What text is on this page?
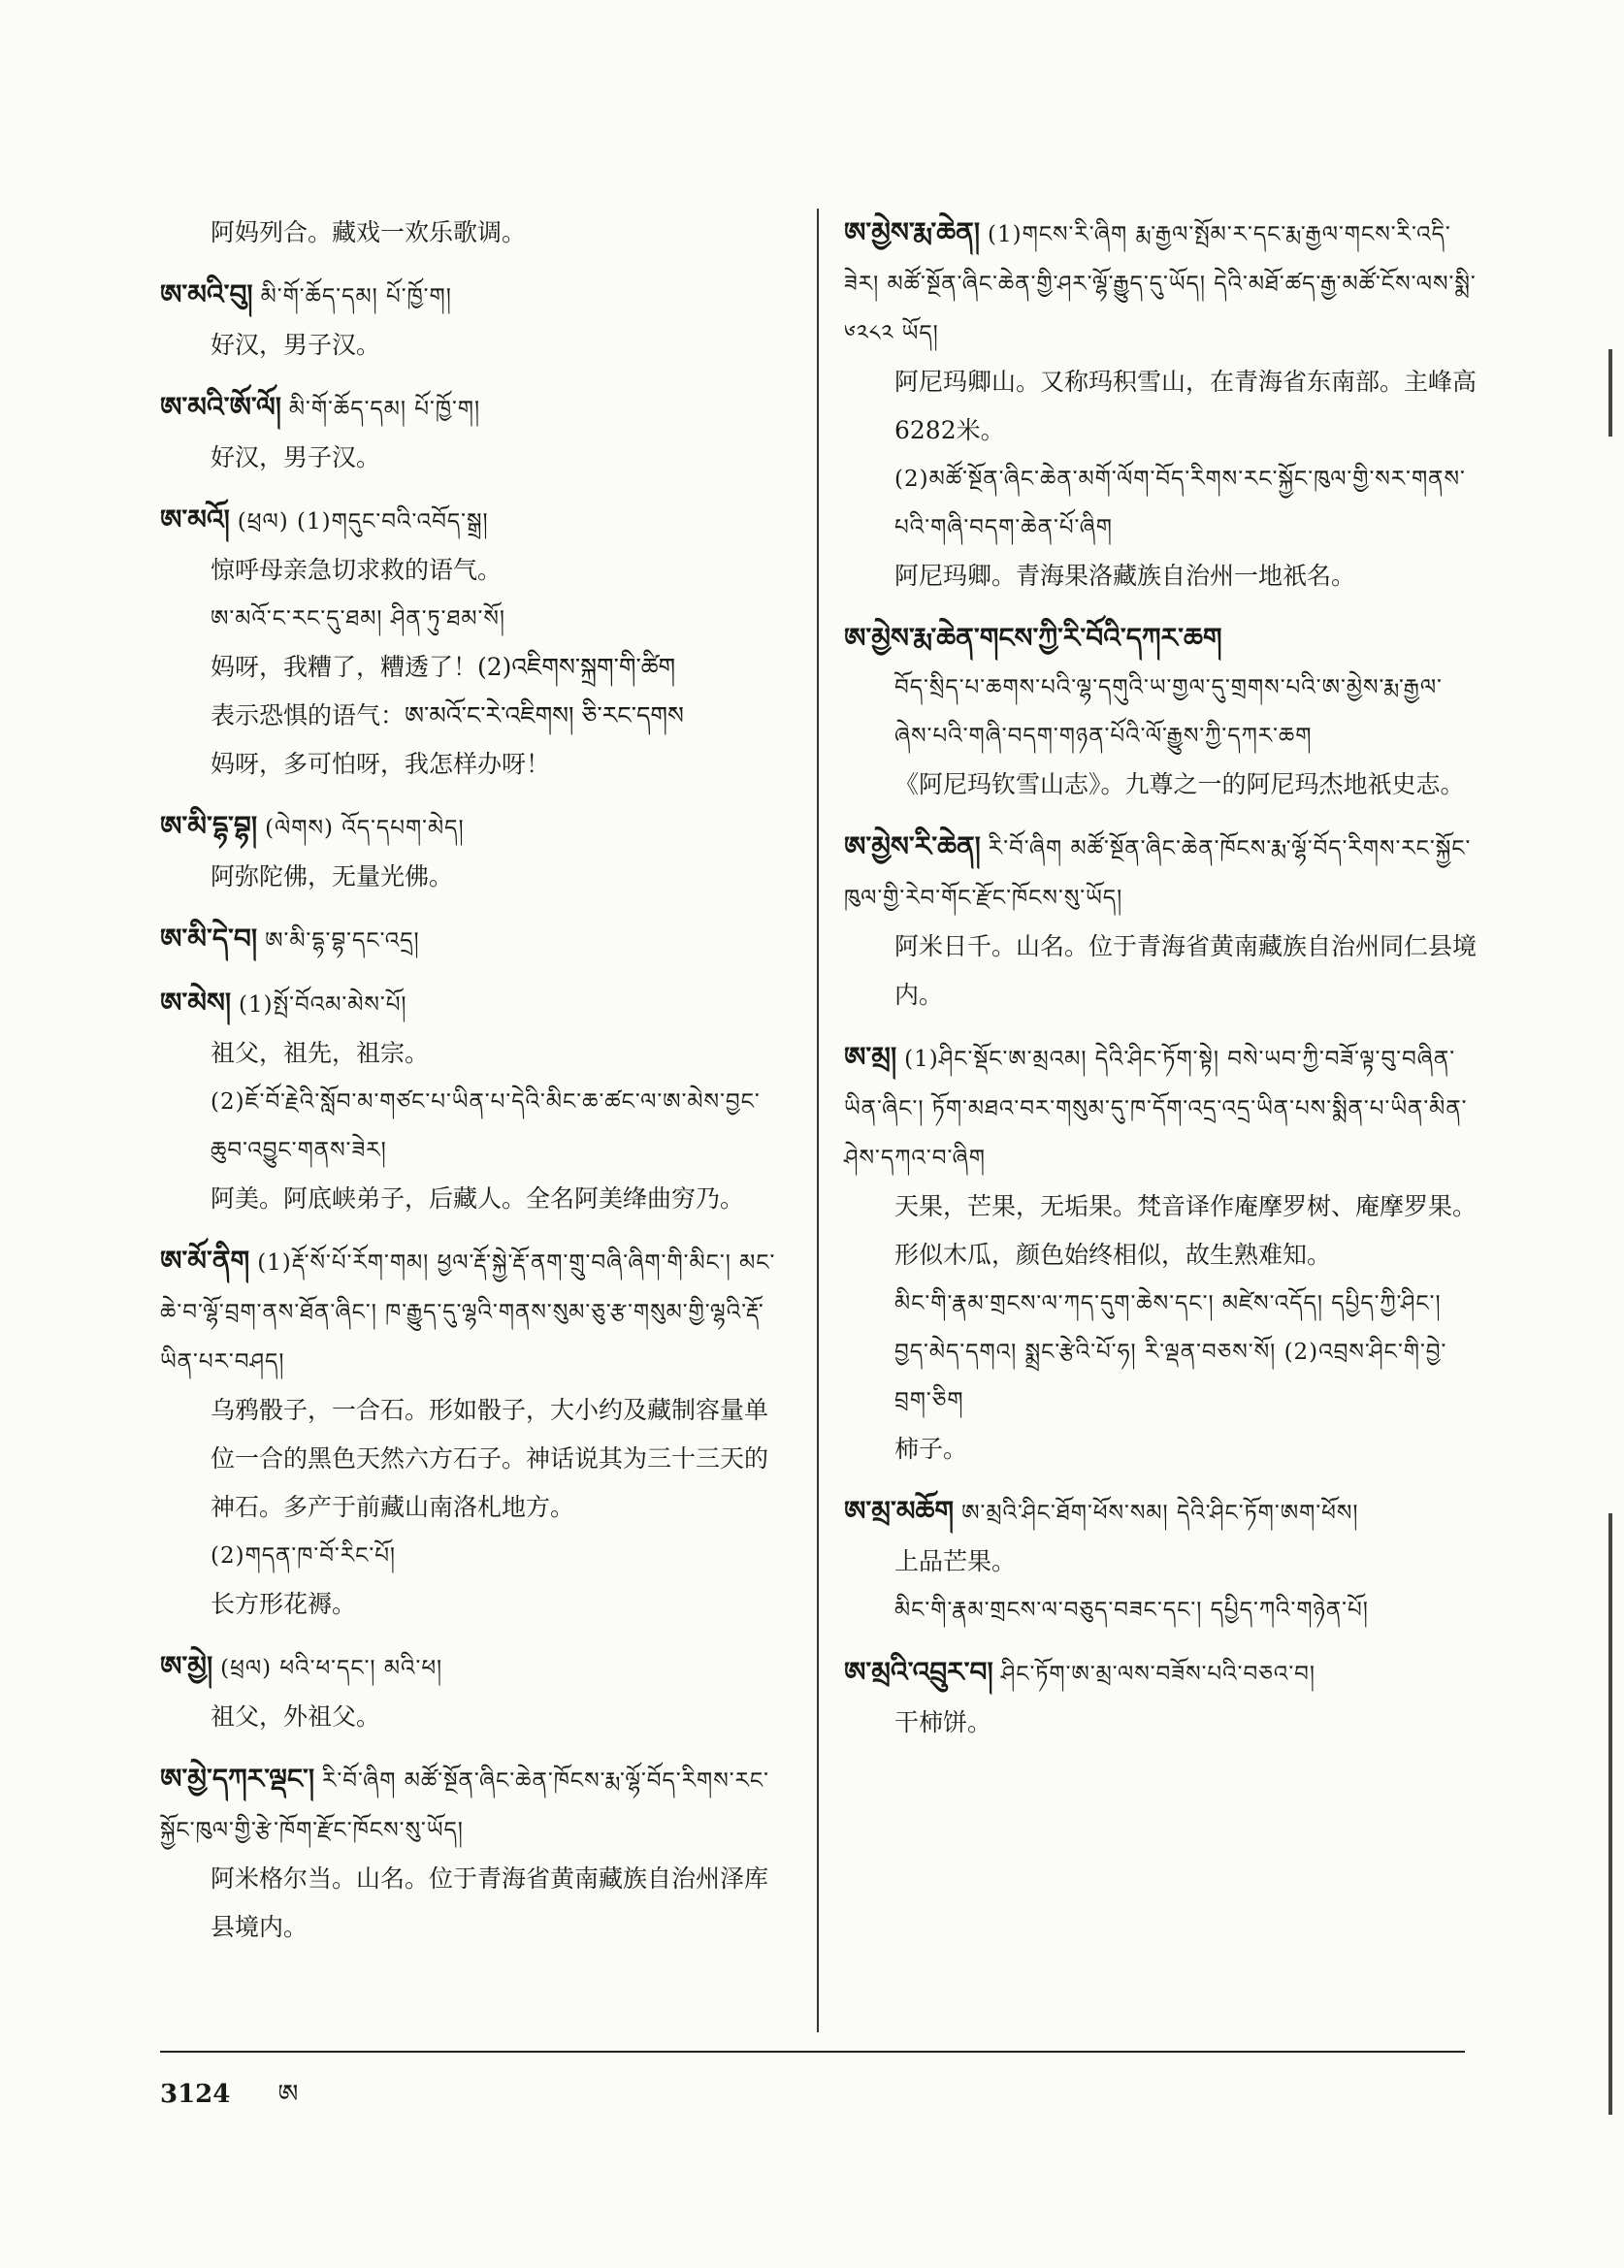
阿妈列合。藏戏一欢乐歌调。
ཨ་མའི་བུ། མི་གོ་ཆོད་དམ། པོ་ཁྱོ་ག།
好汉，男子汉。
ཨ་མའི་ཨོ་ལོ། མི་གོ་ཆོད་དམ། པོ་ཁྱོ་ག།
好汉，男子汉。
ཨ་མའོ། (ཕྲལ) (1)གདུང་བའི་འབོད་སྒྲ།
惊呼母亲急切求救的语气。
ཨ་མའོ་ང་རང་དུ་ཐམ། ཤིན་ཏུ་ཐམ་སོ།
妈呀，我糟了，糟透了！(2)འཇིགས་སྐྲག་གི་ཚིག
表示恐惧的语气：ཨ་མའོ་ང་རེ་འཇིགས། ཅི་རང་དགས
妈呀，多可怕呀，我怎样办呀！
ཨ་མི་དྷ་བྷ། (ལེགས) འོད་དཔག་མེད།
阿弥陀佛，无量光佛。
ཨ་མི་དེ་བ། ཨ་མི་དྷ་བྷ་དང་འདྲ།
ཨ་མེས། (1)སྤོ་བོའམ་མེས་པོ།
祖父，祖先，祖宗。
(2)ཇོ་བོ་རྗེའི་སློབ་མ་གཙང་པ་ཡིན་པ་དེའི་མིང་ཆ་ཚང་ལ་ཨ་མེས་བྱང་ཆུབ་འབྱུང་གནས་ཟེར།
阿美。阿底峡弟子，后藏人。全名阿美绛曲穷乃。
ཨ་མོ་ནིག (1)རྡོ་སོ་པོ་རོག་གམ། ཕྱལ་རྡོ་སྐྱེ་རྡོ་ནག་གྲུ་བཞི་ཞིག་གི་མིང་། མང་ཆེ་བ་ལྷོ་བྲག་ནས་ཐོན་ཞིང་། ཁ་རྒྱུད་དུ་ལྷའི་གནས་སུམ་ཅུ་རྩ་གསུམ་གྱི་ལྷའི་རྡོ་ཡིན་པར་བཤད།
乌鸦骰子，一合石。形如骰子，大小约及藏制容量单位一合的黑色天然六方石子。神话说其为三十三天的神石。多产于前藏山南洛札地方。
(2)གདན་ཁ་བོ་རིང་པོ།
长方形花褥。
ཨ་མྱེ། (ཕྲལ) ཕའི་ཕ་དང་། མའི་ཕ།
祖父，外祖父。
ཨ་མྱེ་དཀར་ལྡང་། རི་བོ་ཞིག མཚོ་སྔོན་ཞིང་ཆེན་ཁོངས་རྨ་ལྷོ་བོད་རིགས་རང་སྐྱོང་ཁུལ་གྱི་རྩེ་ཁོག་རྫོང་ཁོངས་སུ་ཡོད།
阿米格尔当。山名。位于青海省黄南藏族自治州泽库县境内。
ཨ་མྱེས་རྨ་ཆེན། (1)གངས་རི་ཞིག རྨ་རྒྱལ་སྤོམ་ར་དང་རྨ་རྒྱལ་གངས་རི་འདི་ཟེར། མཚོ་སྔོན་ཞིང་ཆེན་གྱི་ཤར་ལྷོ་རྒྱུད་དུ་ཡོད། དེའི་མཐོ་ཚད་རྒྱ་མཚོ་ངོས་ལས་སྨི་ ༦༢༨༢ ཡོད།
阿尼玛卿山。又称玛积雪山，在青海省东南部。主峰高6282米。
(2)མཚོ་སྔོན་ཞིང་ཆེན་མགོ་ལོག་བོད་རིགས་རང་སྐྱོང་ཁུལ་གྱི་སར་གནས་པའི་གཞི་བདག་ཆེན་པོ་ཞིག
阿尼玛卿。青海果洛藏族自治州一地祇名。
ཨ་མྱེས་རྨ་ཆེན་གངས་ཀྱི་རི་བོའི་དཀར་ཆག
བོད་སྲིད་པ་ཆགས་པའི་ལྷ་དགུའི་ཡ་གྱལ་དུ་གྲགས་པའི་ཨ་མྱེས་རྨ་རྒྱལ་ཞེས་པའི་གཞི་བདག་གཉན་པོའི་ལོ་རྒྱུས་ཀྱི་དཀར་ཆག
《阿尼玛钦雪山志》。九尊之一的阿尼玛杰地祇史志。
ཨ་མྱེས་རི་ཆེན། རི་བོ་ཞིག མཚོ་སྔོན་ཞིང་ཆེན་ཁོངས་རྨ་ལྷོ་བོད་རིགས་རང་སྐྱོང་ཁུལ་གྱི་རེབ་གོང་རྫོང་ཁོངས་སུ་ཡོད།
阿米日千。山名。位于青海省黄南藏族自治州同仁县境内。
ཨ་མྲ། (1)ཤིང་སྡོང་ཨ་མྲའམ། དེའི་ཤིང་ཏོག་སྟེ། བསེ་ཡབ་ཀྱི་བཟོ་ལྟ་བུ་བཞིན་ཡིན་ཞིང་། ཏོག་མཐའ་བར་གསུམ་དུ་ཁ་དོག་འདྲ་འདྲ་ཡིན་པས་སྨིན་པ་ཡིན་མིན་ཤེས་དཀའ་བ་ཞིག
天果，芒果，无垢果。梵音译作庵摩罗树、庵摩罗果。形似木瓜，颜色始终相似，故生熟难知。
མིང་གི་རྣམ་གྲངས་ལ་ཀད་དུག་ཆེས་དང་། མཛེས་འདོད། དཔྱིད་ཀྱི་ཤིང་། བྱད་མེད་དགའ། སྨྲང་རྩེའི་པོ་ཧ། རི་ལྡན་བཅས་སོ། (2)འབྲས་ཤིང་གི་བྱེ་བྲག་ཅིག
柿子。
ཨ་མྲ་མཆོག ཨ་མྲའི་ཤིང་ཐོག་ཕོས་སམ། དེའི་ཤིང་ཏོག་ཨག་ཕོས།
上品芒果。
མིང་གི་རྣམ་གྲངས་ལ་བཅུད་བཟང་དང་། དཔྱིད་ཀའི་གཉེན་པོ།
ཨ་མྲའི་འབྲུར་བ། ཤིང་ཏོག་ཨ་མྲ་ལས་བཟོས་པའི་བཅའ་བ།
干柿饼。
3124 ཨ
